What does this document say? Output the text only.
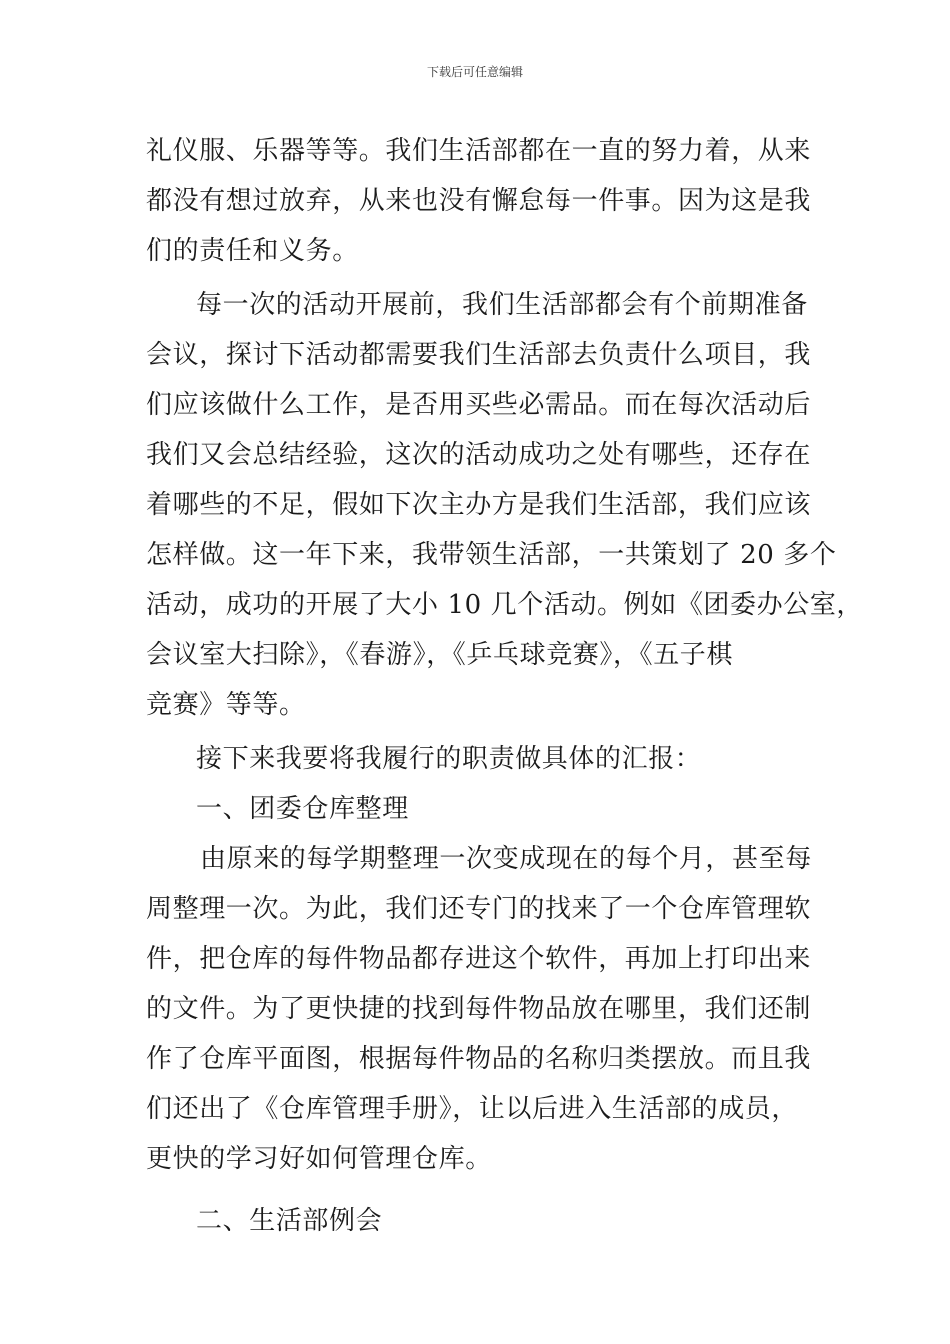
下载后可任意编辑
礼仪服、乐器等等。我们生活部都在一直的努力着，从来
都没有想过放弃，从来也没有懈怠每一件事。因为这是我
们的责任和义务。
每一次的活动开展前，我们生活部都会有个前期准备
会议，探讨下活动都需要我们生活部去负责什么项目，我
们应该做什么工作，是否用买些必需品。而在每次活动后
我们又会总结经验，这次的活动成功之处有哪些，还存在
着哪些的不足，假如下次主办方是我们生活部，我们应该
怎样做。这一年下来，我带领生活部，一共策划了 20 多个
活动，成功的开展了大小 10 几个活动。例如《团委办公室，
会议室大扫除》，《春游》，《乒乓球竞赛》，《五子棋
竞赛》等等。
接下来我要将我履行的职责做具体的汇报：
一、团委仓库整理
由原来的每学期整理一次变成现在的每个月，甚至每
周整理一次。为此，我们还专门的找来了一个仓库管理软
件，把仓库的每件物品都存进这个软件，再加上打印出来
的文件。为了更快捷的找到每件物品放在哪里，我们还制
作了仓库平面图，根据每件物品的名称归类摆放。而且我
们还出了《仓库管理手册》，让以后进入生活部的成员，
更快的学习好如何管理仓库。
二、生活部例会
